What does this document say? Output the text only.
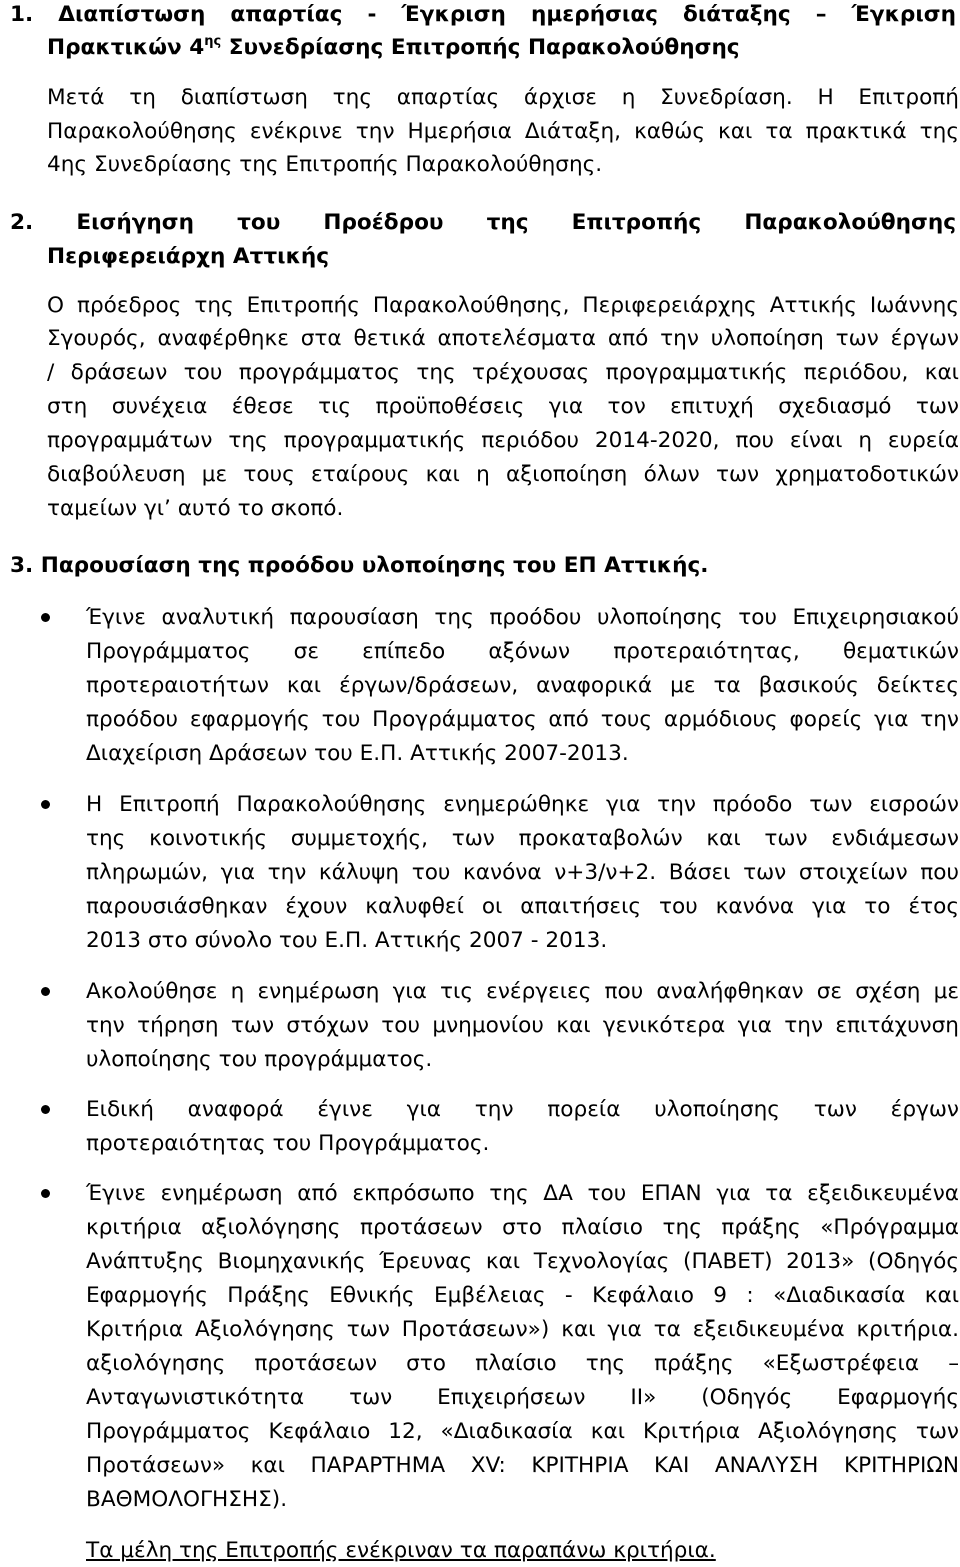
1. Διαπίστωση απαρτίας - Έγκριση ημερήσιας διάταξης – Έγκριση
Πρακτικών $4^{\eta\varsigma}$ Συνεδρίασης Επιτροπής Παρακολούθησης
Μετά τη διαπίστωση της απαρτίας άρχισε η Συνεδρίαση. Η Επιτροπή
Παρακολούθησης ενέκρινε την Ημερήσια Διάταξη, καθώς και τα πρακτικά της
4ης Συνεδρίασης της Επιτροπής Παρακολούθησης.
2. Εισήγηση του Προέδρου της Επιτροπής Παρακολούθησης
Περιφερειάρχη Αττικής
Ο πρόεδρος της Επιτροπής Παρακολούθησης, Περιφερειάρχης Αττικής Ιωάννης
Σγουρός, αναφέρθηκε στα θετικά αποτελέσματα από την υλοποίηση των έργων
/ δράσεων του προγράμματος της τρέχουσας προγραμματικής περιόδου, και
στη συνέχεια έθεσε τις προϋποθέσεις για τον επιτυχή σχεδιασμό των
προγραμμάτων της προγραμματικής περιόδου 2014-2020, που είναι η ευρεία
διαβούλευση με τους εταίρους και η αξιοποίηση όλων των χρηματοδοτικών
ταμείων γι’ αυτό το σκοπό.
3. Παρουσίαση της προόδου υλοποίησης του ΕΠ Αττικής.
Έγινε αναλυτική παρουσίαση της προόδου υλοποίησης του Επιχειρησιακού
Προγράμματος σε επίπεδο αξόνων προτεραιότητας, θεματικών
προτεραιοτήτων και έργων/δράσεων, αναφορικά με τα βασικούς δείκτες
προόδου εφαρμογής του Προγράμματος από τους αρμόδιους φορείς για την
Διαχείριση Δράσεων του Ε.Π. Αττικής 2007-2013.
Η Επιτροπή Παρακολούθησης ενημερώθηκε για την πρόοδο των εισροών
της κοινοτικής συμμετοχής, των προκαταβολών και των ενδιάμεσων
πληρωμών, για την κάλυψη του κανόνα ν+3/ν+2. Βάσει των στοιχείων που
παρουσιάσθηκαν έχουν καλυφθεί οι απαιτήσεις του κανόνα για το έτος
2013 στο σύνολο του Ε.Π. Αττικής 2007 - 2013.
Ακολούθησε η ενημέρωση για τις ενέργειες που αναλήφθηκαν σε σχέση με
την τήρηση των στόχων του μνημονίου και γενικότερα για την επιτάχυνση
υλοποίησης του προγράμματος.
Ειδική αναφορά έγινε για την πορεία υλοποίησης των έργων
προτεραιότητας του Προγράμματος.
Έγινε ενημέρωση από εκπρόσωπο της ΔΑ του ΕΠΑΝ για τα εξειδικευμένα
κριτήρια αξιολόγησης προτάσεων στο πλαίσιο της πράξης «Πρόγραμμα
Ανάπτυξης Βιομηχανικής Έρευνας και Τεχνολογίας (ΠΑΒΕΤ) 2013» (Οδηγός
Εφαρμογής Πράξης Εθνικής Εμβέλειας - Κεφάλαιο 9 : «Διαδικασία και
Κριτήρια Αξιολόγησης των Προτάσεων») και για τα εξειδικευμένα κριτήρια.
αξιολόγησης προτάσεων στο πλαίσιο της πράξης «Εξωστρέφεια –
Ανταγωνιστικότητα των Επιχειρήσεων ΙΙ» (Οδηγός Εφαρμογής
Προγράμματος Κεφάλαιο 12, «Διαδικασία και Κριτήρια Αξιολόγησης των
Προτάσεων» και ΠΑΡΑΡΤΗΜΑ XV: ΚΡΙΤΗΡΙΑ ΚΑΙ ΑΝΑΛΥΣΗ ΚΡΙΤΗΡΙΩΝ
ΒΑΘΜΟΛΟΓΗΣΗΣ).
Τα μέλη της Επιτροπής ενέκριναν τα παραπάνω κριτήρια.
